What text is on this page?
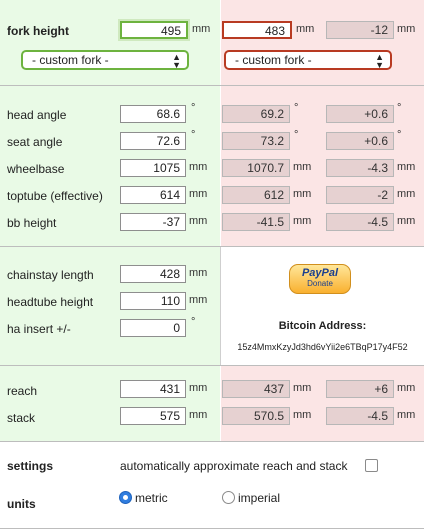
fork height	495	mm	483	mm	-12 mm
- custom fork -	▲
▼	- custom fork -	▲
▼
head angle	68.6	°	69.2 °	+0.6 °
seat angle	72.6	°	73.2 °	+0.6 °
wheelbase	1075 mm	1070.7 mm	-4.3 mm
toptube (effective)	614 mm	612 mm	-2 mm
bb height	-37 mm	-41.5 mm	-4.5 mm
chainstay length	428 mm
headtube height	110 mm
ha insert +/-	0	°
PayPal
Donate
Bitcoin Address:
15z4MmxKzyJd3hd6vYii2e6TBqP17y4F52
reach	431 mm	437 mm	+6 mm
stack	575 mm	570.5 mm	-4.5 mm
settings	automatically approximate reach and stack
units	metric	imperial
